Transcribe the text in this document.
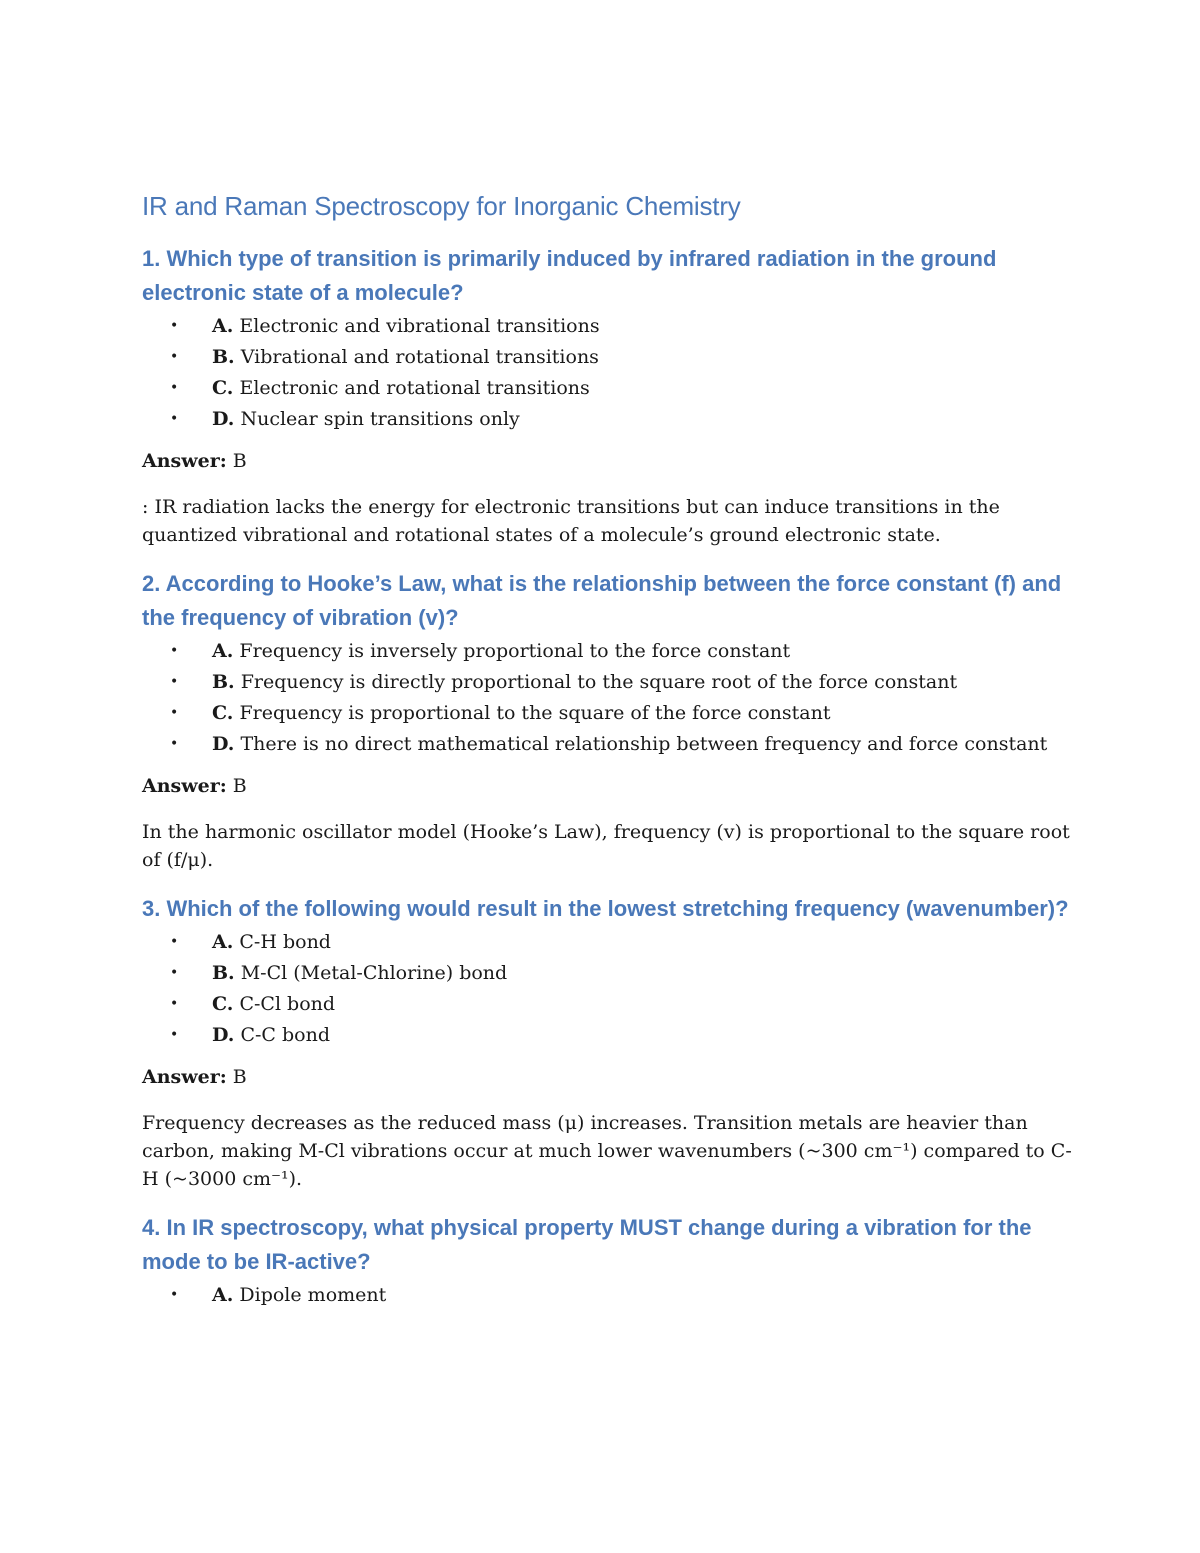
IR and Raman Spectroscopy for Inorganic Chemistry

1. Which type of transition is primarily induced by infrared radiation in the ground electronic state of a molecule?

• A. Electronic and vibrational transitions
• B. Vibrational and rotational transitions
• C. Electronic and rotational transitions
• D. Nuclear spin transitions only

Answer: B

: IR radiation lacks the energy for electronic transitions but can induce transitions in the quantized vibrational and rotational states of a molecule’s ground electronic state.

2. According to Hooke’s Law, what is the relationship between the force constant (f) and the frequency of vibration (v)?

• A. Frequency is inversely proportional to the force constant
• B. Frequency is directly proportional to the square root of the force constant
• C. Frequency is proportional to the square of the force constant
• D. There is no direct mathematical relationship between frequency and force constant

Answer: B

In the harmonic oscillator model (Hooke’s Law), frequency (v) is proportional to the square root of (f/μ).

3. Which of the following would result in the lowest stretching frequency (wavenumber)?

• A. C-H bond
• B. M-Cl (Metal-Chlorine) bond
• C. C-Cl bond
• D. C-C bond

Answer: B

Frequency decreases as the reduced mass (μ) increases. Transition metals are heavier than carbon, making M-Cl vibrations occur at much lower wavenumbers (~300 cm⁻¹) compared to C-H (~3000 cm⁻¹).

4. In IR spectroscopy, what physical property MUST change during a vibration for the mode to be IR-active?

• A. Dipole moment
